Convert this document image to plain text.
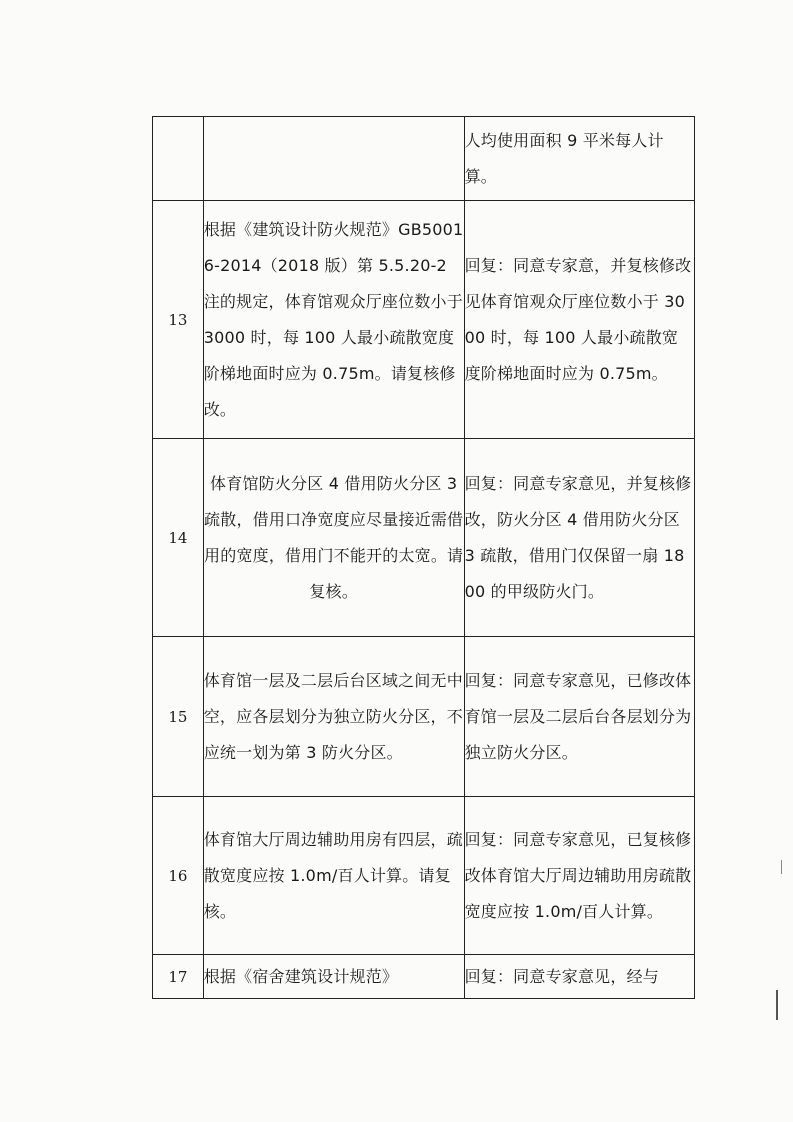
		人均使用面积 9 平米每人计算。

13	根据《建筑设计防火规范》GB50016-2014（2018 版）第 5.5.20-2 注的规定，体育馆观众厅座位数小于 3000 时，每 100 人最小疏散宽度阶梯地面时应为 0.75m。请复核修改。	回复：同意专家意，并复核修改见体育馆观众厅座位数小于 3000 时，每 100 人最小疏散宽度阶梯地面时应为 0.75m。

14	体育馆防火分区 4 借用防火分区 3 疏散，借用口净宽度应尽量接近需借用的宽度，借用门不能开的太宽。请复核。	回复：同意专家意见，并复核修改，防火分区 4 借用防火分区 3 疏散，借用门仅保留一扇 1800 的甲级防火门。

15	体育馆一层及二层后台区域之间无中空，应各层划分为独立防火分区，不应统一划为第 3 防火分区。	回复：同意专家意见，已修改体育馆一层及二层后台各层划分为独立防火分区。

16	体育馆大厅周边辅助用房有四层，疏散宽度应按 1.0m/百人计算。请复核。	回复：同意专家意见，已复核修改体育馆大厅周边辅助用房疏散宽度应按 1.0m/百人计算。

17	根据《宿舍建筑设计规范》	回复：同意专家意见，经与
